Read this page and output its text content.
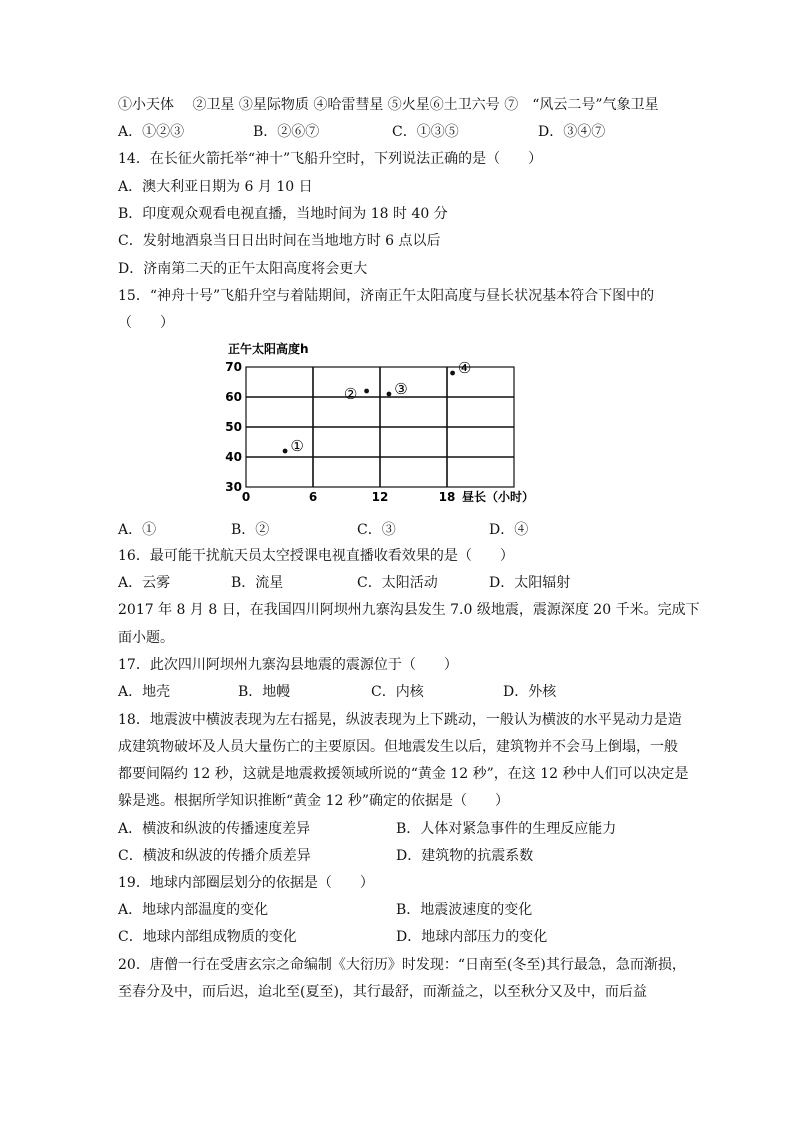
①小天体　 ②卫星 ③星际物质 ④哈雷彗星 ⑤火星⑥土卫六号 ⑦　“风云二号”气象卫星
A．①②③	B．②⑥⑦	C．①③⑤	D．③④⑦
14．在长征火箭托举“神十”飞船升空时，下列说法正确的是（　　）
A．澳大利亚日期为 6 月 10 日
B．印度观众观看电视直播，当地时间为 18 时 40 分
C．发射地酒泉当日日出时间在当地地方时 6 点以后
D．济南第二天的正午太阳高度将会更大
15．“神舟十号”飞船升空与着陆期间，济南正午太阳高度与昼长状况基本符合下图中的
（　　）
0	6	12	18
30
40
50
60
70
①
② ③
④
正午太阳高度h
昼长（小时）
A．①	B．②	C．③	D．④
16．最可能干扰航天员太空授课电视直播收看效果的是（　　）
A．云雾	B．流星	C．太阳活动	D．太阳辐射
2017 年 8 月 8 日，在我国四川阿坝州九寨沟县发生 7.0 级地震，震源深度 20 千米。完成下
面小题。
17．此次四川阿坝州九寨沟县地震的震源位于（　　）
A．地壳	B．地幔	C．内核	D．外核
18．地震波中横波表现为左右摇晃，纵波表现为上下跳动，一般认为横波的水平晃动力是造
成建筑物破坏及人员大量伤亡的主要原因。但地震发生以后，建筑物并不会马上倒塌，一般
都要间隔约 12 秒，这就是地震救援领域所说的“黄金 12 秒”，在这 12 秒中人们可以决定是
躲是逃。根据所学知识推断“黄金 12 秒”确定的依据是（　　）
A．横波和纵波的传播速度差异	B．人体对紧急事件的生理反应能力
C．横波和纵波的传播介质差异	D．建筑物的抗震系数
19．地球内部圈层划分的依据是（　　）
A．地球内部温度的变化	B．地震波速度的变化
C．地球内部组成物质的变化	D．地球内部压力的变化
20．唐僧一行在受唐玄宗之命编制《大衍历》时发现：“日南至(冬至)其行最急，急而渐损，
至春分及中，而后迟，迨北至(夏至)，其行最舒，而渐益之，以至秋分又及中，而后益
